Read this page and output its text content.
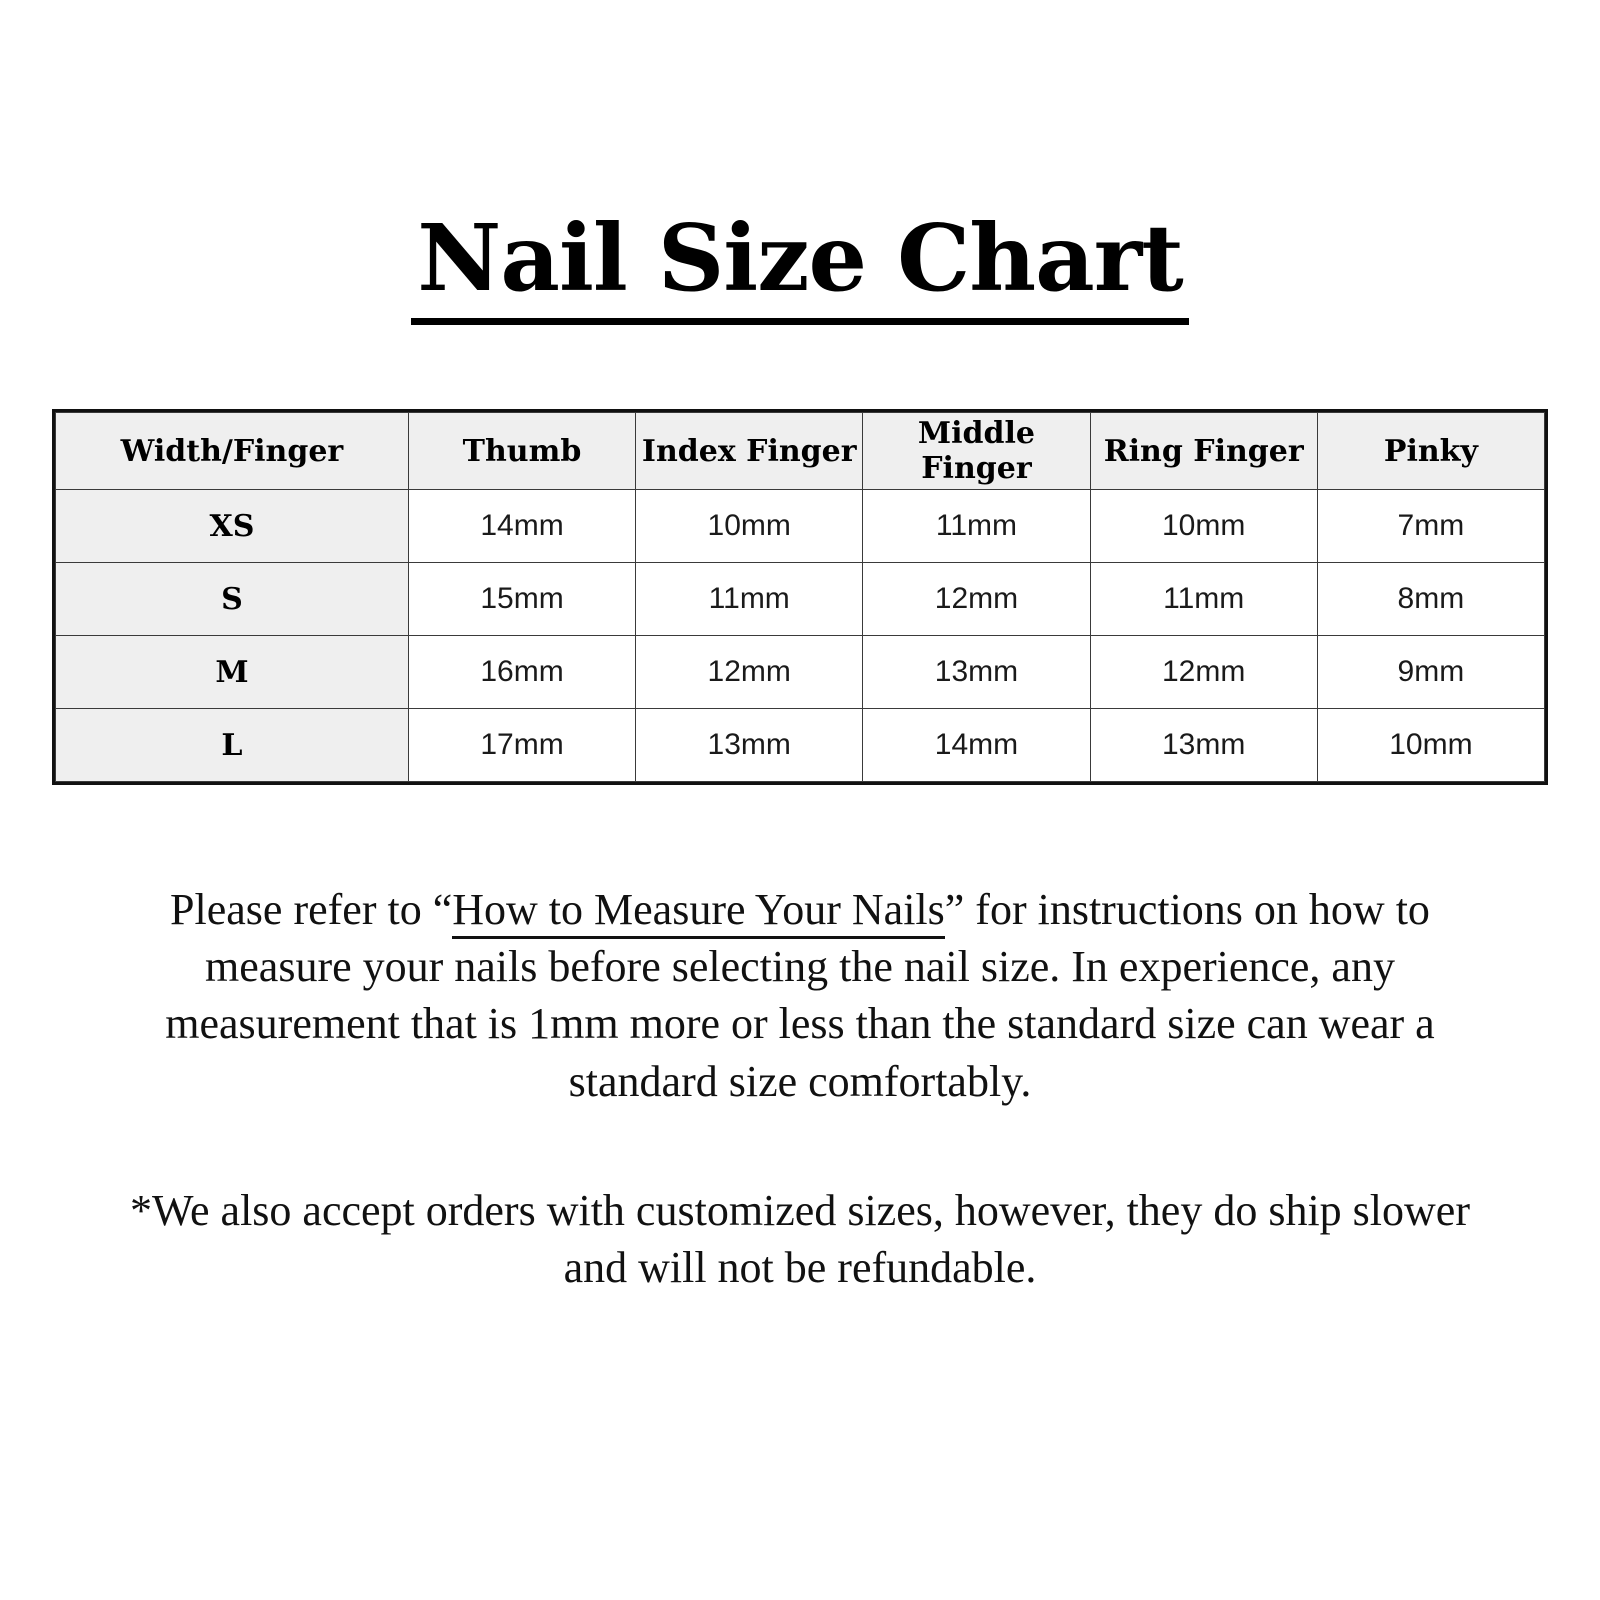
Nail Size Chart
Width/Finger	Thumb	Index Finger	Middle Finger	Ring Finger	Pinky
XS	14mm	10mm	11mm	10mm	7mm
S	15mm	11mm	12mm	11mm	8mm
M	16mm	12mm	13mm	12mm	9mm
L	17mm	13mm	14mm	13mm	10mm

Please refer to “How to Measure Your Nails” for instructions on how to measure your nails before selecting the nail size. In experience, any measurement that is 1mm more or less than the standard size can wear a standard size comfortably.

*We also accept orders with customized sizes, however, they do ship slower and will not be refundable.
